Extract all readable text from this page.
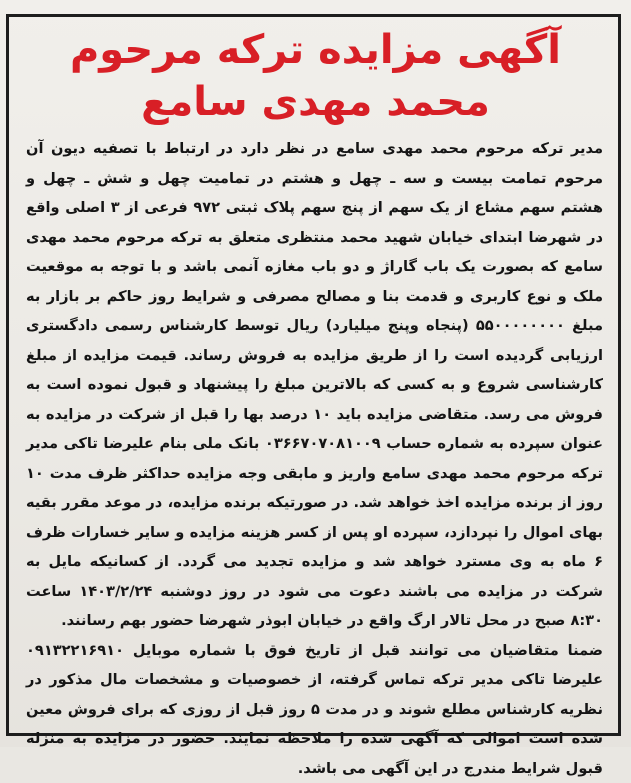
آگهی مزایده ترکه مرحوم
محمد مهدی سامع

مدیر ترکه مرحوم محمد مهدی سامع در نظر دارد در ارتباط با تصفیه دیون آن مرحوم تمامت بیست و سه ـ چهل و هشتم در تمامیت چهل و شش ـ چهل و هشتم سهم مشاع از یک سهم از پنج سهم پلاک ثبتی ۹۷۲ فرعی از ۳ اصلی واقع در شهرضا ابتدای خیابان شهید محمد منتظری متعلق به ترکه مرحوم محمد مهدی سامع که بصورت یک باب گاراژ و دو باب مغازه آنمی باشد و با توجه به موقعیت ملک و نوع کاربری و قدمت بنا و مصالح مصرفی و شرایط روز حاکم بر بازار به مبلغ ۵۵۰۰۰۰۰۰۰۰ (پنجاه وپنج میلیارد) ریال توسط کارشناس رسمی دادگستری ارزیابی گردیده است را از طریق مزایده به فروش رساند. قیمت مزایده از مبلغ کارشناسی شروع و به کسی که بالاترین مبلغ را پیشنهاد و قبول نموده است به فروش می رسد. متقاضی مزایده باید ۱۰ درصد بها را قبل از شرکت در مزایده به عنوان سپرده به شماره حساب ۰۳۶۶۷۰۷۰۸۱۰۰۹ بانک ملی بنام علیرضا تاکی مدیر ترکه مرحوم محمد مهدی سامع واریز و مابقی وجه مزایده حداکثر ظرف مدت ۱۰ روز از برنده مزایده اخذ خواهد شد. در صورتیکه برنده مزایده، در موعد مقرر بقیه بهای اموال را نپردازد، سپرده او پس از کسر هزینه مزایده و سایر خسارات ظرف ۶ ماه به وی مسترد خواهد شد و مزایده تجدید می گردد. از کسانیکه مایل به شرکت در مزایده می باشند دعوت می شود در روز دوشنبه ۱۴۰۳/۲/۲۴ ساعت ۸:۳۰ صبح در محل تالار ارگ واقع در خیابان ابوذر شهرضا حضور بهم رسانند.

ضمنا متقاضیان می توانند قبل از تاریخ فوق با شماره موبایل ۰۹۱۳۲۲۱۶۹۱۰ علیرضا تاکی مدیر ترکه تماس گرفته، از خصوصیات و مشخصات مال مذکور در نظریه کارشناس مطلع شوند و در مدت ۵ روز قبل از روزی که برای فروش معین شده است اموالی که آگهی شده را ملاحظه نمایند. حضور در مزایده به منزله قبول شرایط مندرج در این آگهی می باشد.
